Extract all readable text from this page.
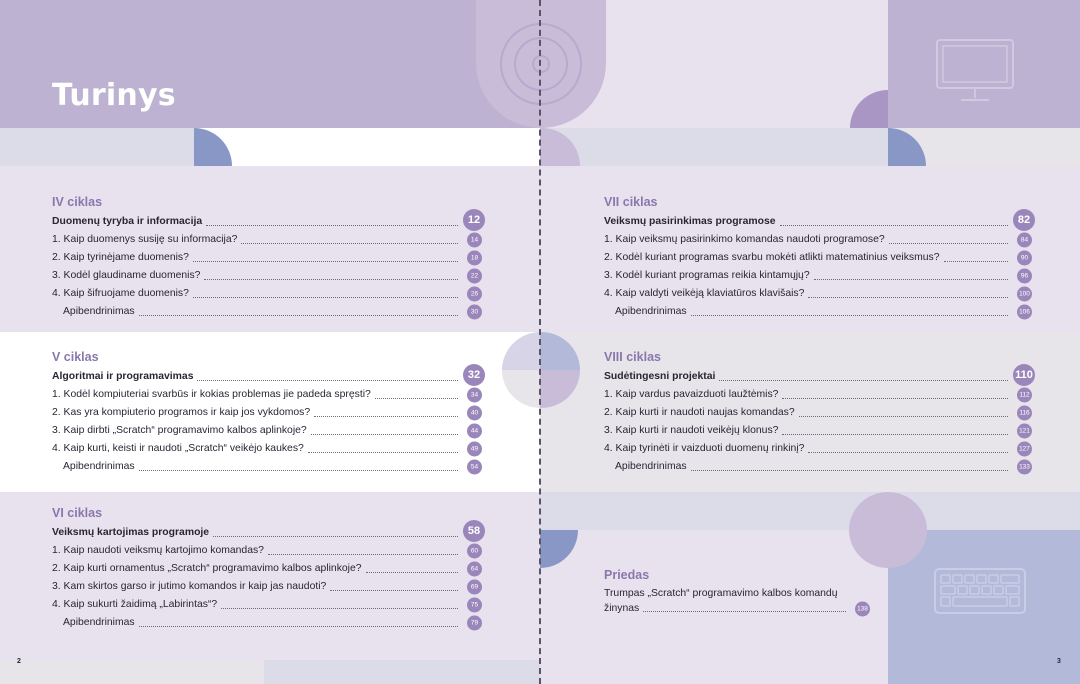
Turinys
IV ciklas
Duomenų tyryba ir informacija	12
1. Kaip duomenys susiję su informacija?	14
2. Kaip tyrinėjame duomenis?	18
3. Kodėl glaudiname duomenis?	22
4. Kaip šifruojame duomenis?	26
Apibendrinimas	30
V ciklas
Algoritmai ir programavimas	32
1. Kodėl kompiuteriai svarbūs ir kokias problemas jie padeda spręsti?	34
2. Kas yra kompiuterio programos ir kaip jos vykdomos?	40
3. Kaip dirbti „Scratch“ programavimo kalbos aplinkoje?	44
4. Kaip kurti, keisti ir naudoti „Scratch“ veikėjo kaukes?	49
Apibendrinimas	54
VI ciklas
Veiksmų kartojimas programoje	58
1. Kaip naudoti veiksmų kartojimo komandas?	60
2. Kaip kurti ornamentus „Scratch“ programavimo kalbos aplinkoje?	64
3. Kam skirtos garso ir jutimo komandos ir kaip jas naudoti?	69
4. Kaip sukurti žaidimą „Labirintas“?	75
Apibendrinimas	79
VII ciklas
Veiksmų pasirinkimas programose	82
1. Kaip veiksmų pasirinkimo komandas naudoti programose?	84
2. Kodėl kuriant programas svarbu mokėti atlikti matematinius veiksmus?	90
3. Kodėl kuriant programas reikia kintamųjų?	96
4. Kaip valdyti veikėją klaviatūros klavišais?	100
Apibendrinimas	106
VIII ciklas
Sudėtingesni projektai	110
1. Kaip vardus pavaizduoti laužtėmis?	112
2. Kaip kurti ir naudoti naujas komandas?	116
3. Kaip kurti ir naudoti veikėjų klonus?	121
4. Kaip tyrinėti ir vaizduoti duomenų rinkinį?	127
Apibendrinimas	133
Priedas
Trumpas „Scratch“ programavimo kalbos komandų
žinynas	138
2	3
